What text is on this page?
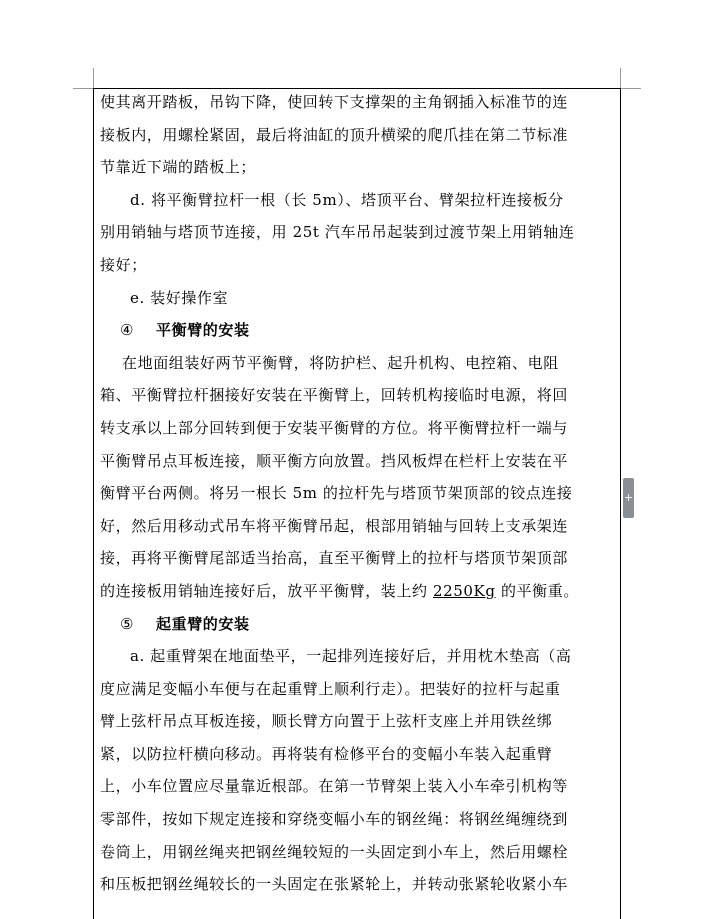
使其离开踏板，吊钩下降，使回转下支撑架的主角钢插入标准节的连
接板内，用螺栓紧固，最后将油缸的顶升横梁的爬爪挂在第二节标准
节靠近下端的踏板上；
d. 将平衡臂拉杆一根（长 5m）、塔顶平台、臂架拉杆连接板分
别用销轴与塔顶节连接，用 25t 汽车吊吊起装到过渡节架上用销轴连
接好；
e. 装好操作室
④ 平衡臂的安装
在地面组装好两节平衡臂，将防护栏、起升机构、电控箱、电阻
箱、平衡臂拉杆捆接好安装在平衡臂上，回转机构接临时电源，将回
转支承以上部分回转到便于安装平衡臂的方位。将平衡臂拉杆一端与
平衡臂吊点耳板连接，顺平衡方向放置。挡风板焊在栏杆上安装在平
衡臂平台两侧。将另一根长 5m 的拉杆先与塔顶节架顶部的铰点连接
好，然后用移动式吊车将平衡臂吊起，根部用销轴与回转上支承架连
接，再将平衡臂尾部适当抬高，直至平衡臂上的拉杆与塔顶节架顶部
的连接板用销轴连接好后，放平平衡臂，装上约 2250Kg 的平衡重。
⑤ 起重臂的安装
a. 起重臂架在地面垫平，一起排列连接好后，并用枕木垫高（高
度应满足变幅小车便与在起重臂上顺利行走）。把装好的拉杆与起重
臂上弦杆吊点耳板连接，顺长臂方向置于上弦杆支座上并用铁丝绑
紧，以防拉杆横向移动。再将装有检修平台的变幅小车装入起重臂
上，小车位置应尽量靠近根部。在第一节臂架上装入小车牵引机构等
零部件，按如下规定连接和穿绕变幅小车的钢丝绳：将钢丝绳缠绕到
卷筒上，用钢丝绳夹把钢丝绳较短的一头固定到小车上，然后用螺栓
和压板把钢丝绳较长的一头固定在张紧轮上，并转动张紧轮收紧小车
+
